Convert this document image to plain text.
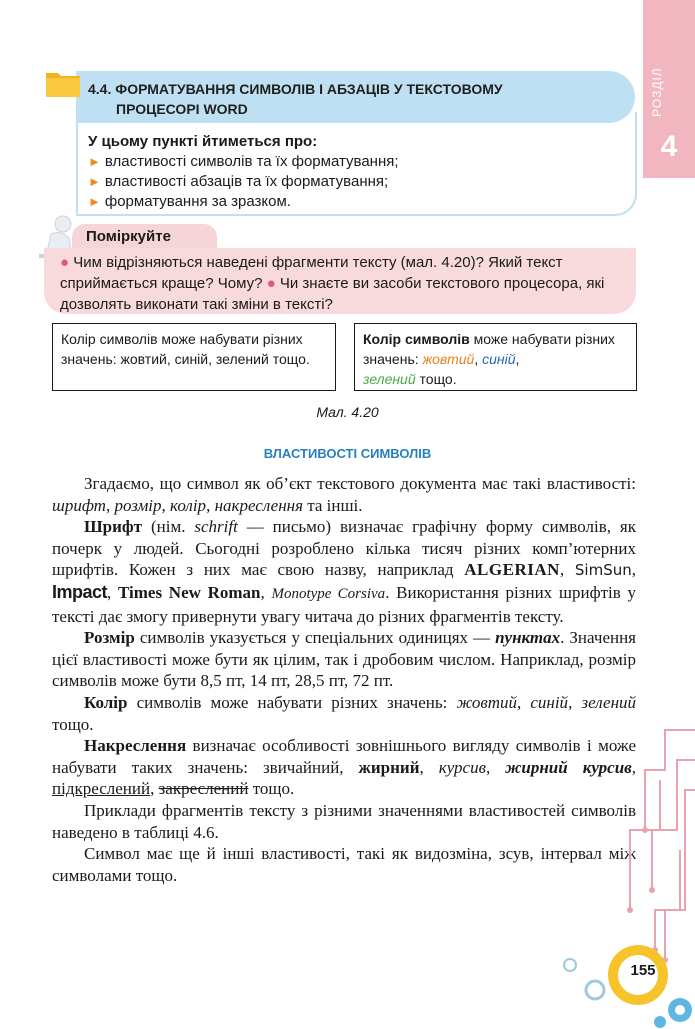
РОЗДІЛ
4
4.4. ФОРМАТУВАННЯ СИМВОЛІВ І АБЗАЦІВ У ТЕКСТОВОМУ
ПРОЦЕСОРІ WORD
У цьому пункті йтиметься про:
► властивості символів та їх форматування;
► властивості абзаців та їх форматування;
► форматування за зразком.
Поміркуйте
● Чим відрізняються наведені фрагменти тексту (мал. 4.20)? Який текст сприймається краще? Чому? ● Чи знаєте ви засоби текстового процесора, які дозволять виконати такі зміни в тексті?
Колір символів може набувати різних значень: жовтий, синій, зелений тощо.
Колір символів може набувати різних значень: жовтий, синій,
зелений тощо.
Мал. 4.20
ВЛАСТИВОСТІ СИМВОЛІВ

Згадаємо, що символ як об’єкт текстового документа має такі властивості: шрифт, розмір, колір, накреслення та інші.

Шрифт (нім. schrift — письмо) визначає графічну форму символів, як почерк у людей. Сьогодні розроблено кілька тисяч різних комп’ютерних шрифтів. Кожен з них має свою назву, наприклад ALGERIAN, SimSun, Impact, Times New Roman, Monotype Corsiva. Використання різних шрифтів у тексті дає змогу привернути увагу читача до різних фрагментів тексту.

Розмір символів указується у спеціальних одиницях — пунктах. Значення цієї властивості може бути як цілим, так і дробовим числом. Наприклад, розмір символів може бути 8,5 пт, 14 пт, 28,5 пт, 72 пт.

Колір символів може набувати різних значень: жовтий, синій, зелений тощо.

Накреслення визначає особливості зовнішнього вигляду символів і може набувати таких значень: звичайний, жирний, курсив, жирний курсив, підкреслений, закреслений тощо.

Приклади фрагментів тексту з різними значеннями властивостей символів наведено в таблиці 4.6.

Символ має ще й інші властивості, такі як видозміна, зсув, інтервал між символами тощо.

155
